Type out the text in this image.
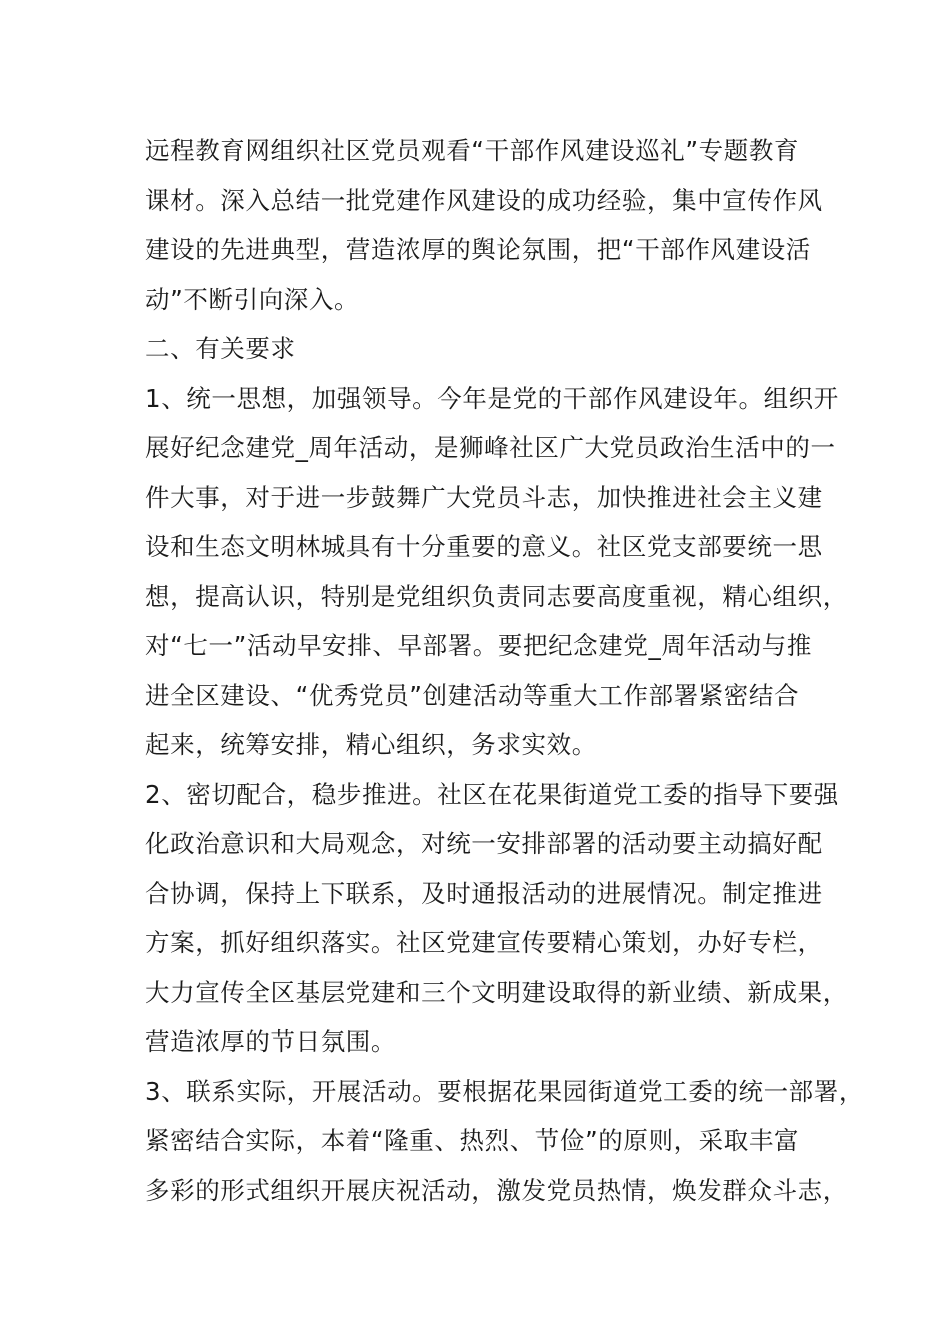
远程教育网组织社区党员观看“干部作风建设巡礼”专题教育
课材。深入总结一批党建作风建设的成功经验，集中宣传作风
建设的先进典型，营造浓厚的舆论氛围，把“干部作风建设活
动”不断引向深入。
二、有关要求
1、统一思想，加强领导。今年是党的干部作风建设年。组织开
展好纪念建党_周年活动，是狮峰社区广大党员政治生活中的一
件大事，对于进一步鼓舞广大党员斗志，加快推进社会主义建
设和生态文明林城具有十分重要的意义。社区党支部要统一思
想，提高认识，特别是党组织负责同志要高度重视，精心组织，
对“七一”活动早安排、早部署。要把纪念建党_周年活动与推
进全区建设、“优秀党员”创建活动等重大工作部署紧密结合
起来，统筹安排，精心组织，务求实效。
2、密切配合，稳步推进。社区在花果街道党工委的指导下要强
化政治意识和大局观念，对统一安排部署的活动要主动搞好配
合协调，保持上下联系，及时通报活动的进展情况。制定推进
方案，抓好组织落实。社区党建宣传要精心策划，办好专栏，
大力宣传全区基层党建和三个文明建设取得的新业绩、新成果，
营造浓厚的节日氛围。
3、联系实际，开展活动。要根据花果园街道党工委的统一部署，
紧密结合实际，本着“隆重、热烈、节俭”的原则，采取丰富
多彩的形式组织开展庆祝活动，激发党员热情，焕发群众斗志，
